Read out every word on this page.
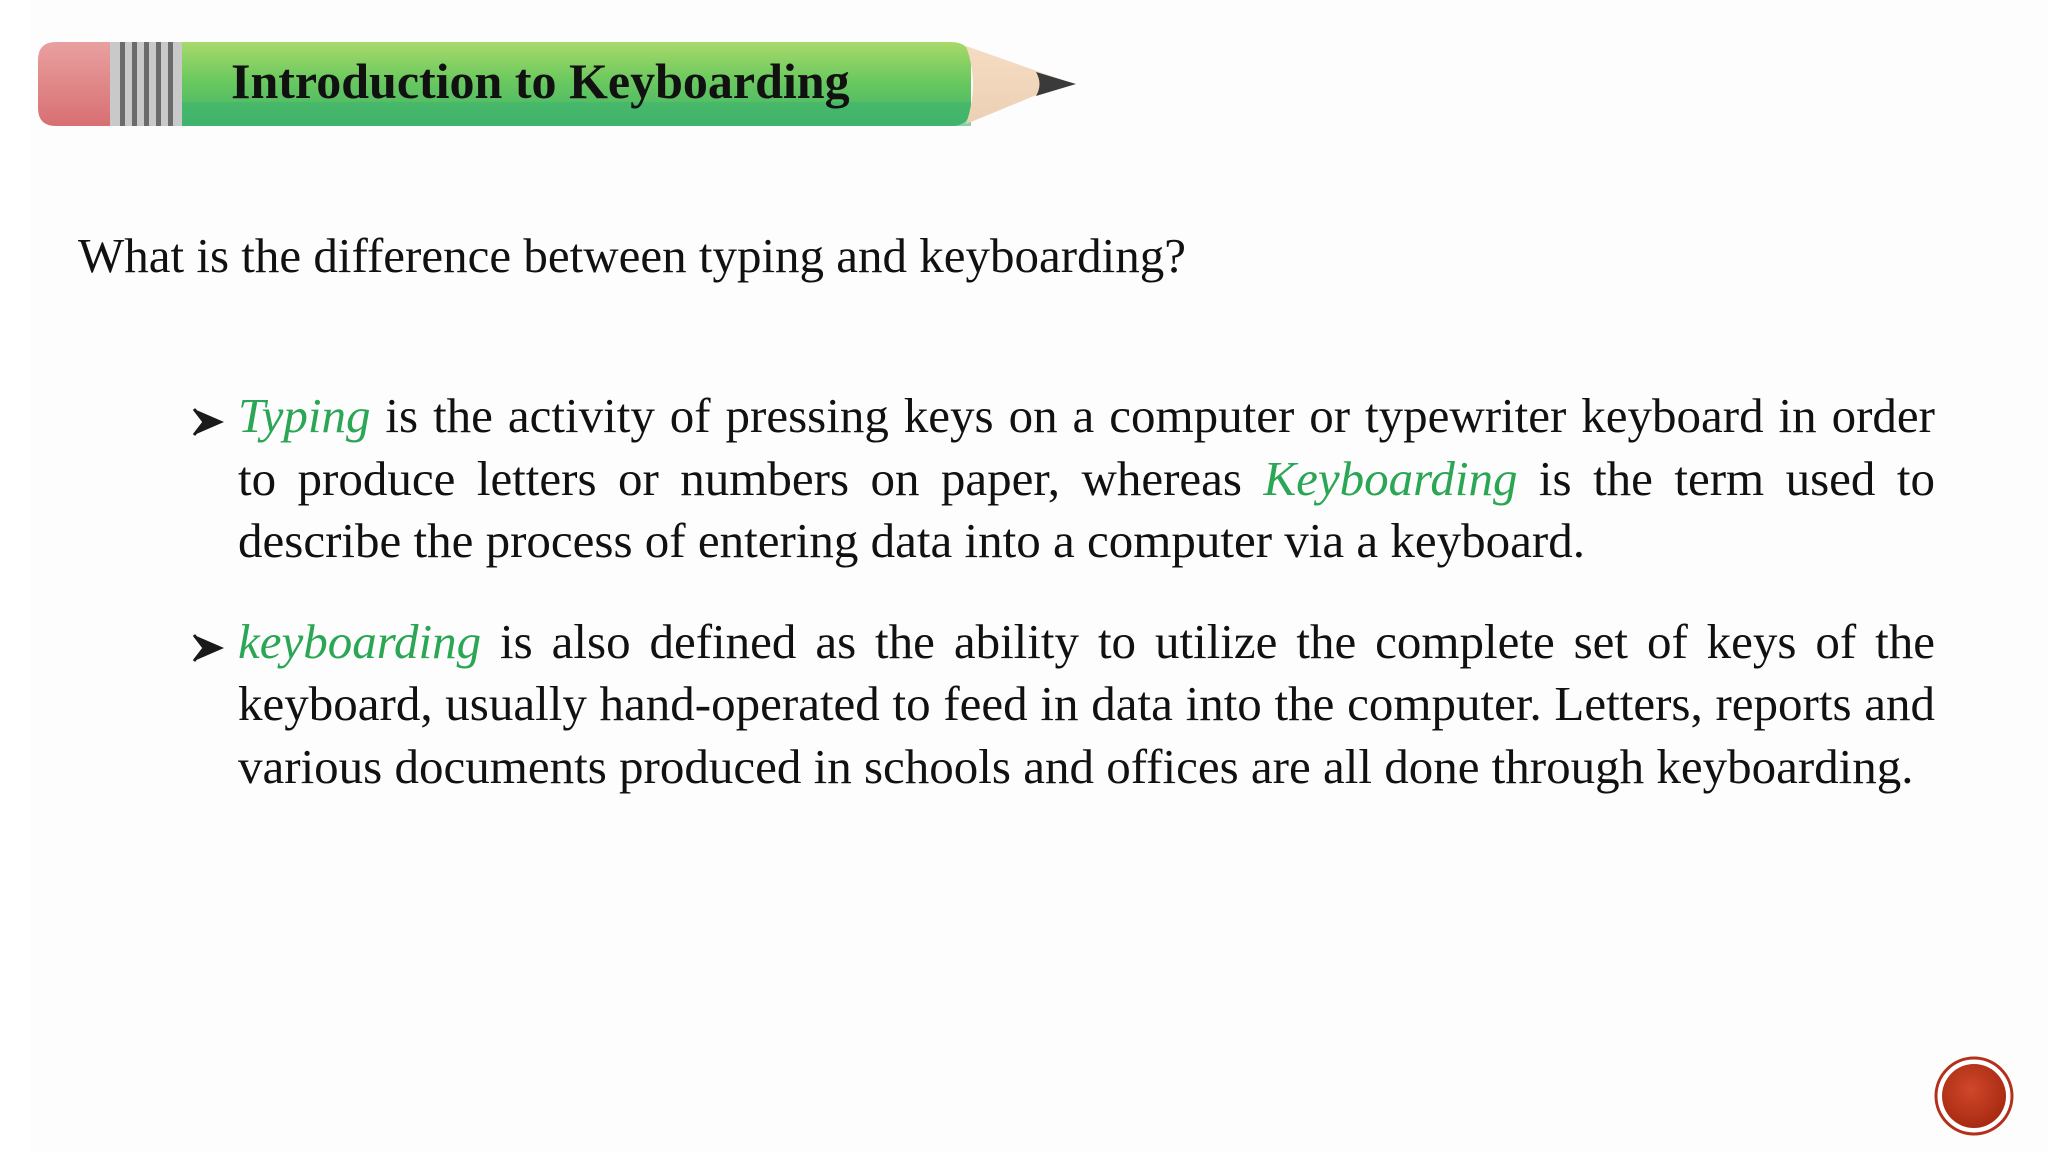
Introduction to Keyboarding
What is the difference between typing and keyboarding?
Typing is the activity of pressing keys on a computer or typewriter keyboard in order to produce letters or numbers on paper, whereas Keyboarding is the term used to describe the process of entering data into a computer via a keyboard.
keyboarding is also defined as the ability to utilize the complete set of keys of the keyboard, usually hand-operated to feed in data into the computer. Letters, reports and various documents produced in schools and offices are all done through keyboarding.
